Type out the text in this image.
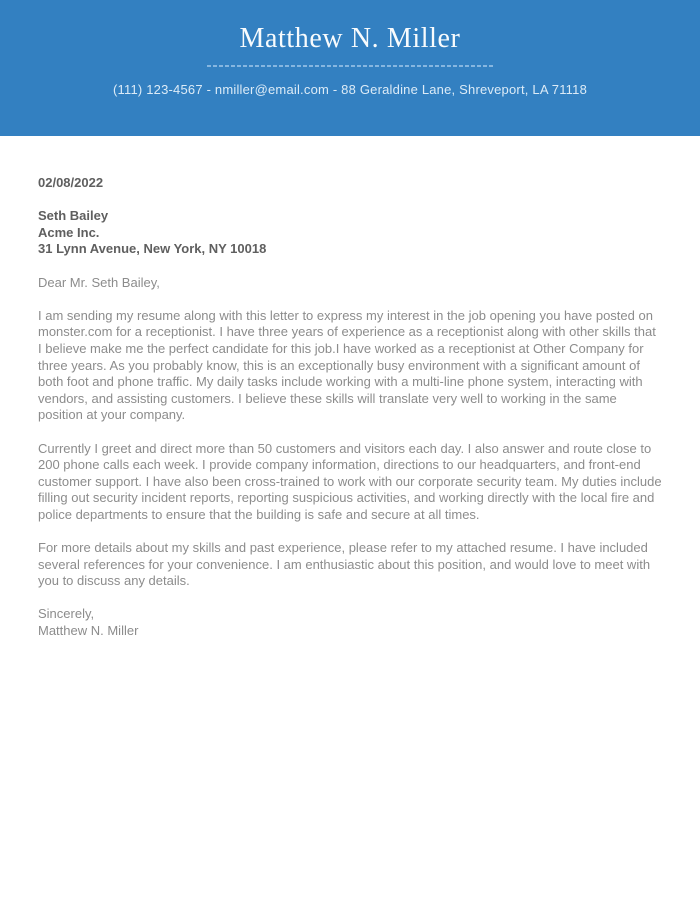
Matthew N. Miller
(111) 123-4567 - nmiller@email.com - 88 Geraldine Lane, Shreveport, LA 71118
02/08/2022
Seth Bailey
Acme Inc.
31 Lynn Avenue, New York, NY 10018
Dear Mr. Seth Bailey,

I am sending my resume along with this letter to express my interest in the job opening you have posted on monster.com for a receptionist. I have three years of experience as a receptionist along with other skills that I believe make me the perfect candidate for this job.I have worked as a receptionist at Other Company for three years. As you probably know, this is an exceptionally busy environment with a significant amount of both foot and phone traffic. My daily tasks include working with a multi-line phone system, interacting with vendors, and assisting customers. I believe these skills will translate very well to working in the same position at your company.

Currently I greet and direct more than 50 customers and visitors each day. I also answer and route close to 200 phone calls each week. I provide company information, directions to our headquarters, and front-end customer support. I have also been cross-trained to work with our corporate security team. My duties include filling out security incident reports, reporting suspicious activities, and working directly with the local fire and police departments to ensure that the building is safe and secure at all times.

For more details about my skills and past experience, please refer to my attached resume. I have included several references for your convenience. I am enthusiastic about this position, and would love to meet with you to discuss any details.

Sincerely,
Matthew N. Miller
